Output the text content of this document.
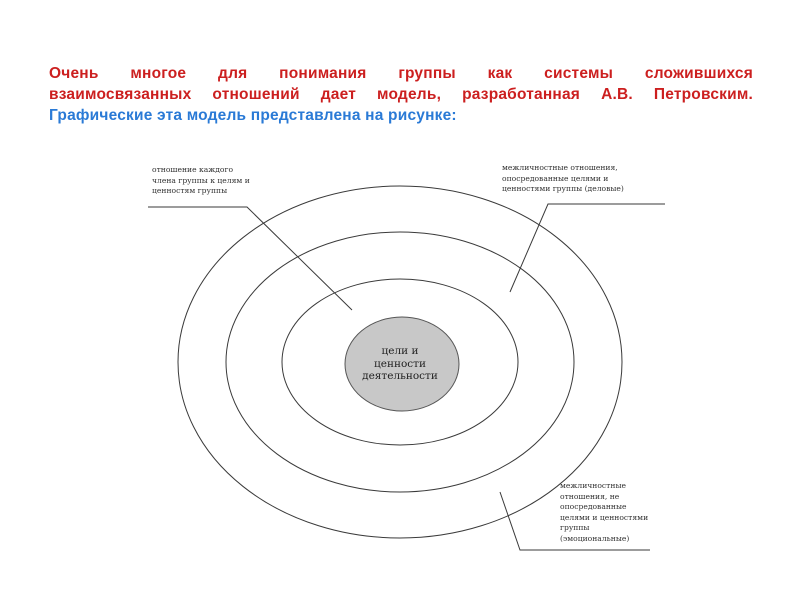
Очень многое для понимания группы как системы сложившихся
взаимосвязанных отношений дает модель, разработанная А.В. Петровским.
Графические эта модель представлена на рисунке:
цели и
ценности
деятельности
отношение каждого
члена группы к целям и
ценностям группы
межличностные отношения,
опосредованные целями и
ценностями группы (деловые)
межличностные
отношения, не
опосредованные
целями и ценностями
группы
(эмоциональные)
